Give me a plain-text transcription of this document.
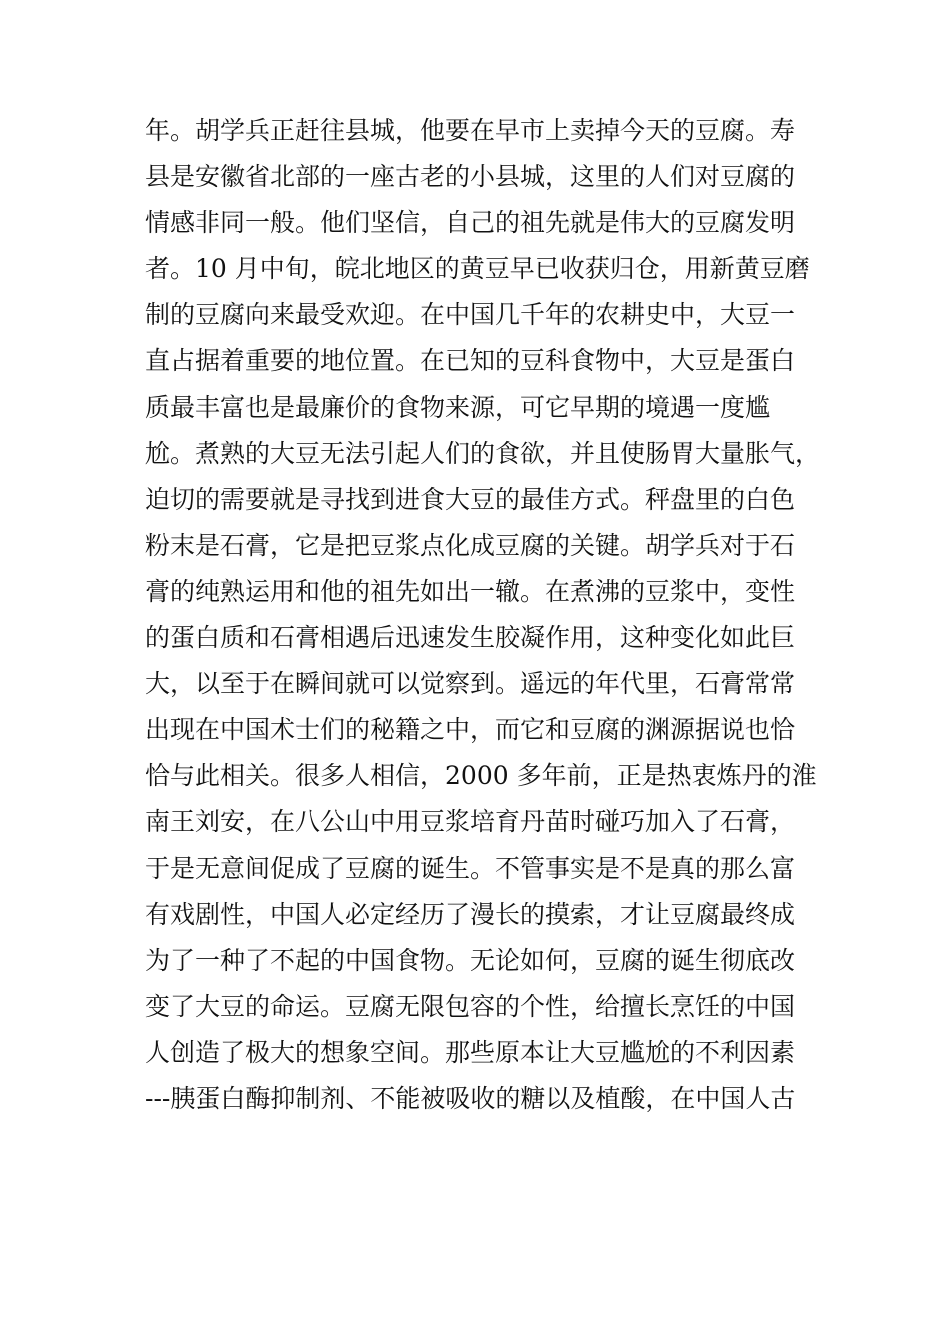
年。胡学兵正赶往县城，他要在早市上卖掉今天的豆腐。寿
县是安徽省北部的一座古老的小县城，这里的人们对豆腐的
情感非同一般。他们坚信，自己的祖先就是伟大的豆腐发明
者。10 月中旬，皖北地区的黄豆早已收获归仓，用新黄豆磨
制的豆腐向来最受欢迎。在中国几千年的农耕史中，大豆一
直占据着重要的地位置。在已知的豆科食物中，大豆是蛋白
质最丰富也是最廉价的食物来源，可它早期的境遇一度尴
尬。煮熟的大豆无法引起人们的食欲，并且使肠胃大量胀气，
迫切的需要就是寻找到进食大豆的最佳方式。秤盘里的白色
粉末是石膏，它是把豆浆点化成豆腐的关键。胡学兵对于石
膏的纯熟运用和他的祖先如出一辙。在煮沸的豆浆中，变性
的蛋白质和石膏相遇后迅速发生胶凝作用，这种变化如此巨
大，以至于在瞬间就可以觉察到。遥远的年代里，石膏常常
出现在中国术士们的秘籍之中，而它和豆腐的渊源据说也恰
恰与此相关。很多人相信，2000 多年前，正是热衷炼丹的淮
南王刘安，在八公山中用豆浆培育丹苗时碰巧加入了石膏，
于是无意间促成了豆腐的诞生。不管事实是不是真的那么富
有戏剧性，中国人必定经历了漫长的摸索，才让豆腐最终成
为了一种了不起的中国食物。无论如何，豆腐的诞生彻底改
变了大豆的命运。豆腐无限包容的个性，给擅长烹饪的中国
人创造了极大的想象空间。那些原本让大豆尴尬的不利因素
---胰蛋白酶抑制剂、不能被吸收的糖以及植酸，在中国人古
